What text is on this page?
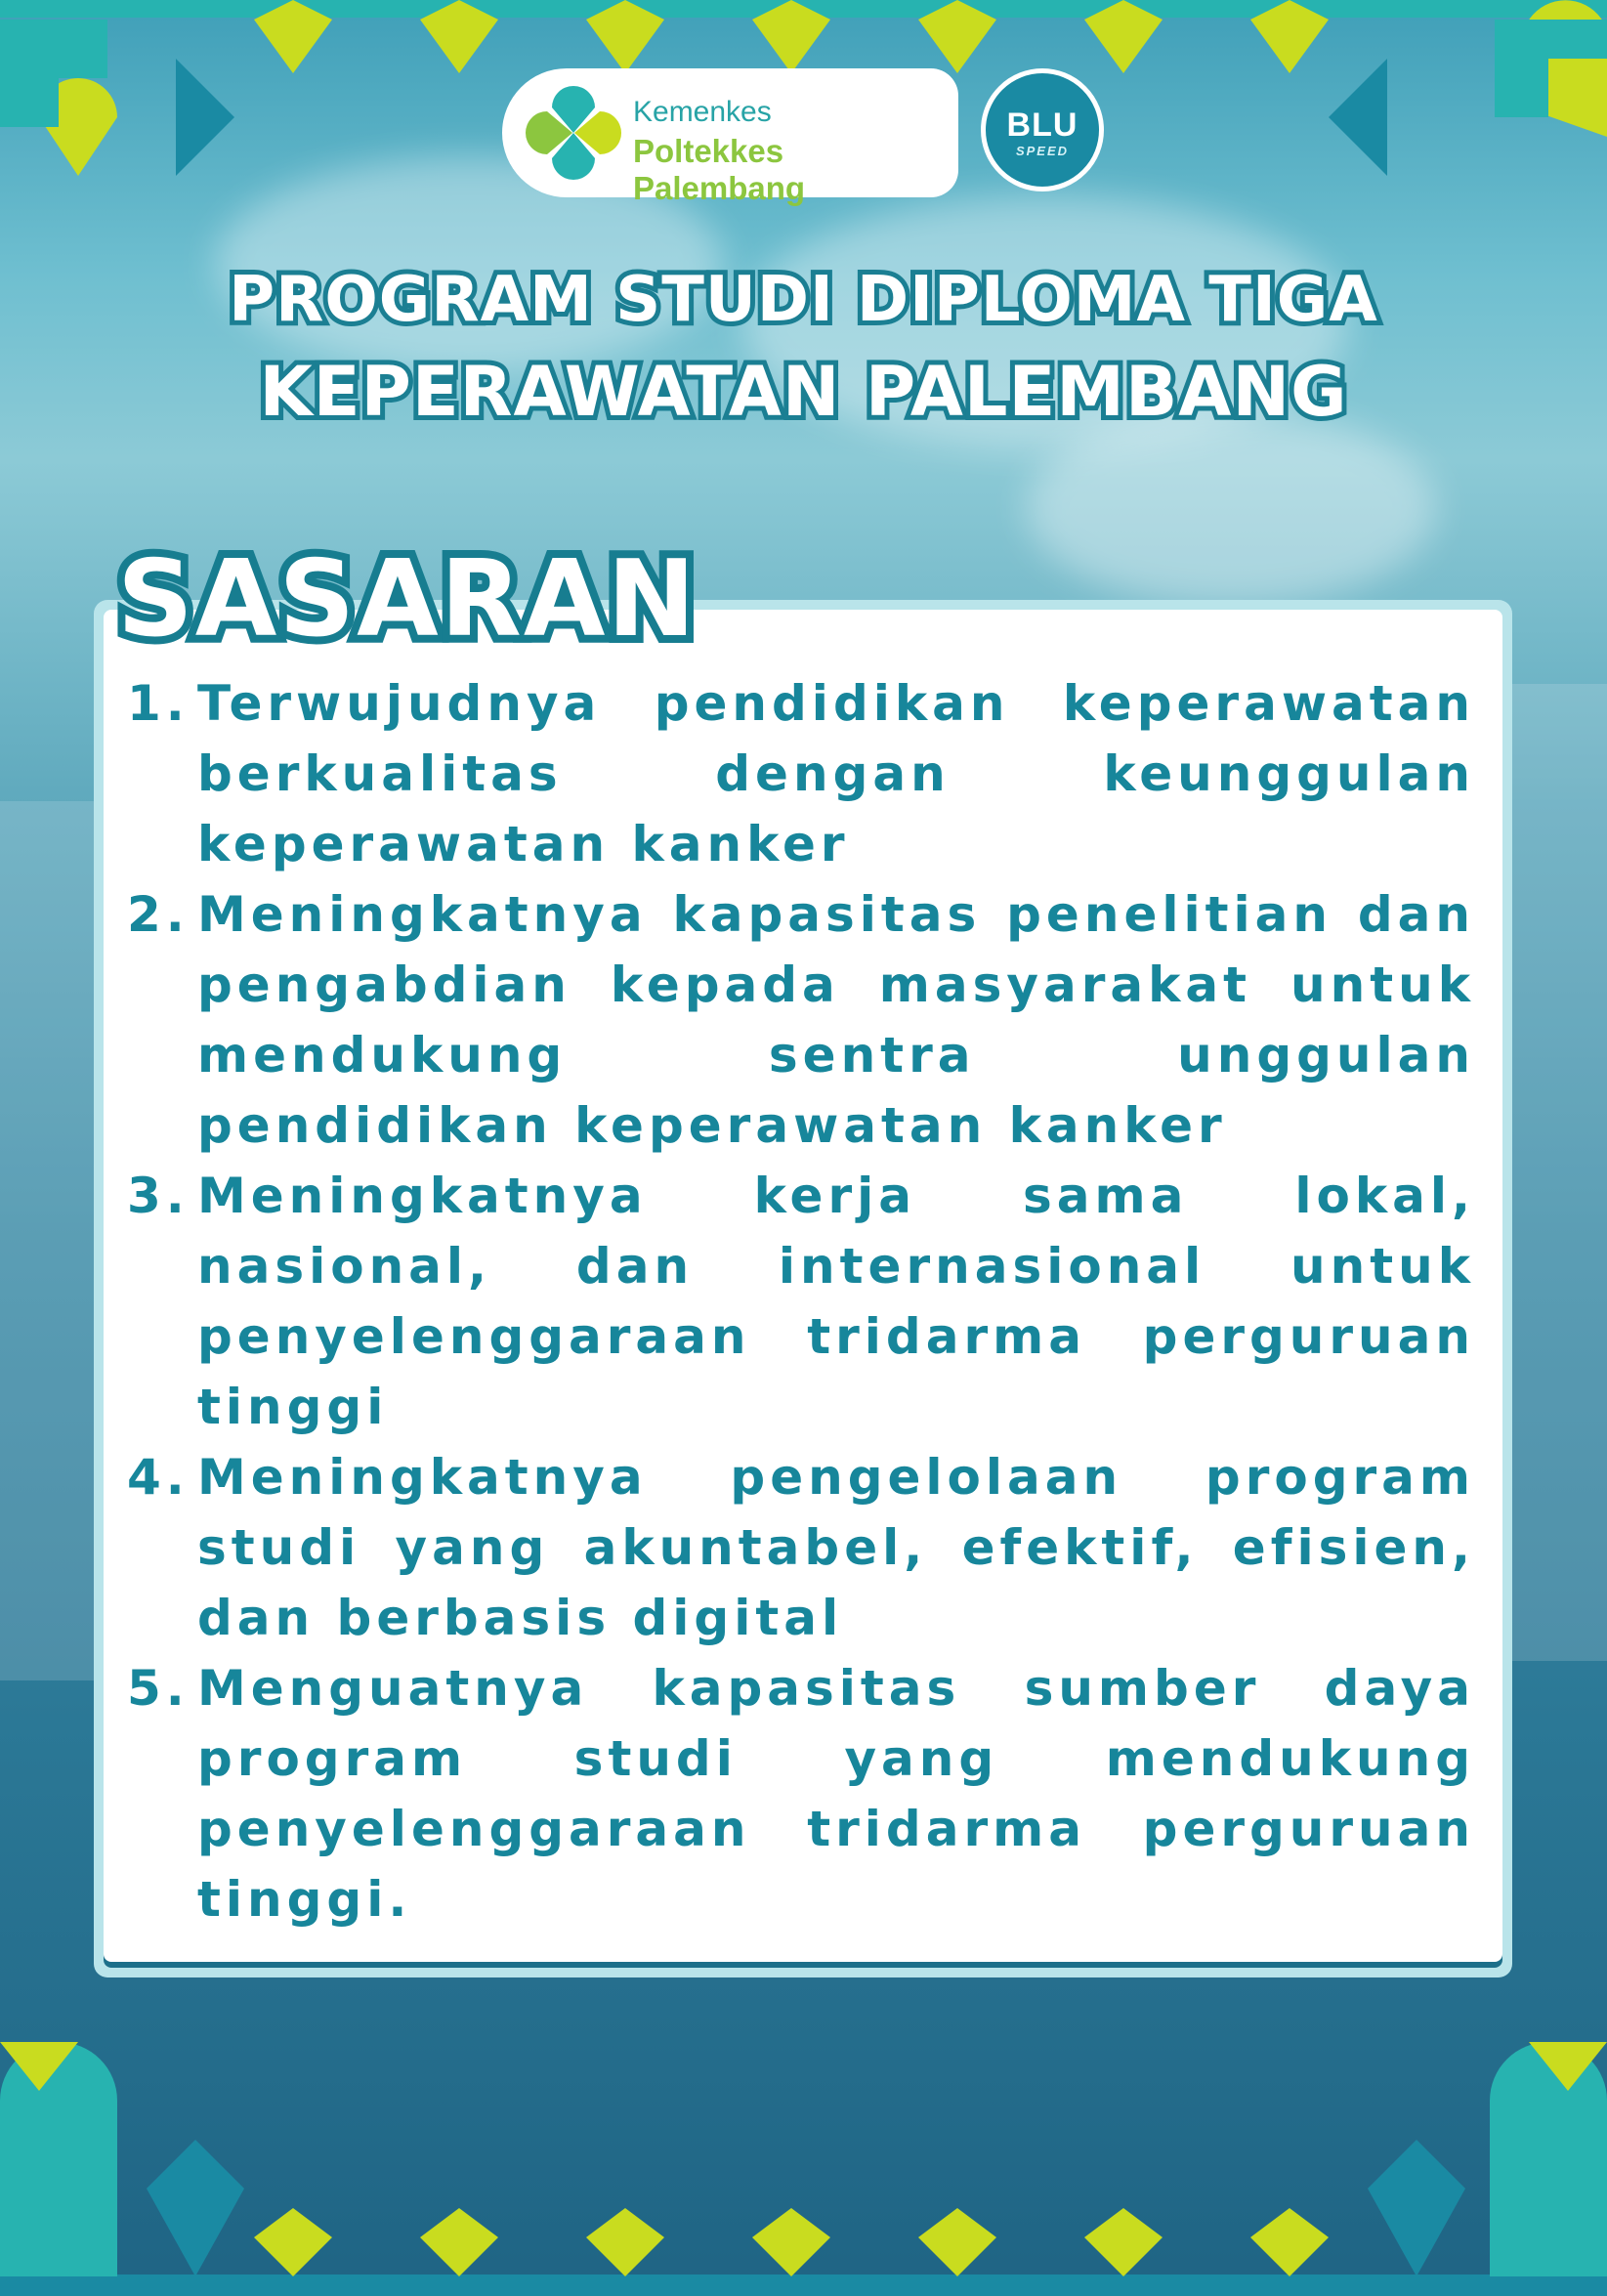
Kemenkes
Poltekkes Palembang
BLU
SPEED
PROGRAM STUDI DIPLOMA TIGA
KEPERAWATAN PALEMBANG
SASARAN
1. Terwujudnya pendidikan keperawatan berkualitas dengan keunggulan keperawatan kanker
2. Meningkatnya kapasitas penelitian dan pengabdian kepada masyarakat untuk mendukung sentra unggulan pendidikan keperawatan kanker
3. Meningkatnya kerja sama lokal, nasional, dan internasional untuk penyelenggaraan tridarma perguruan tinggi
4. Meningkatnya pengelolaan program studi yang akuntabel, efektif, efisien, dan berbasis digital
5. Menguatnya kapasitas sumber daya program studi yang mendukung penyelenggaraan tridarma perguruan tinggi.
